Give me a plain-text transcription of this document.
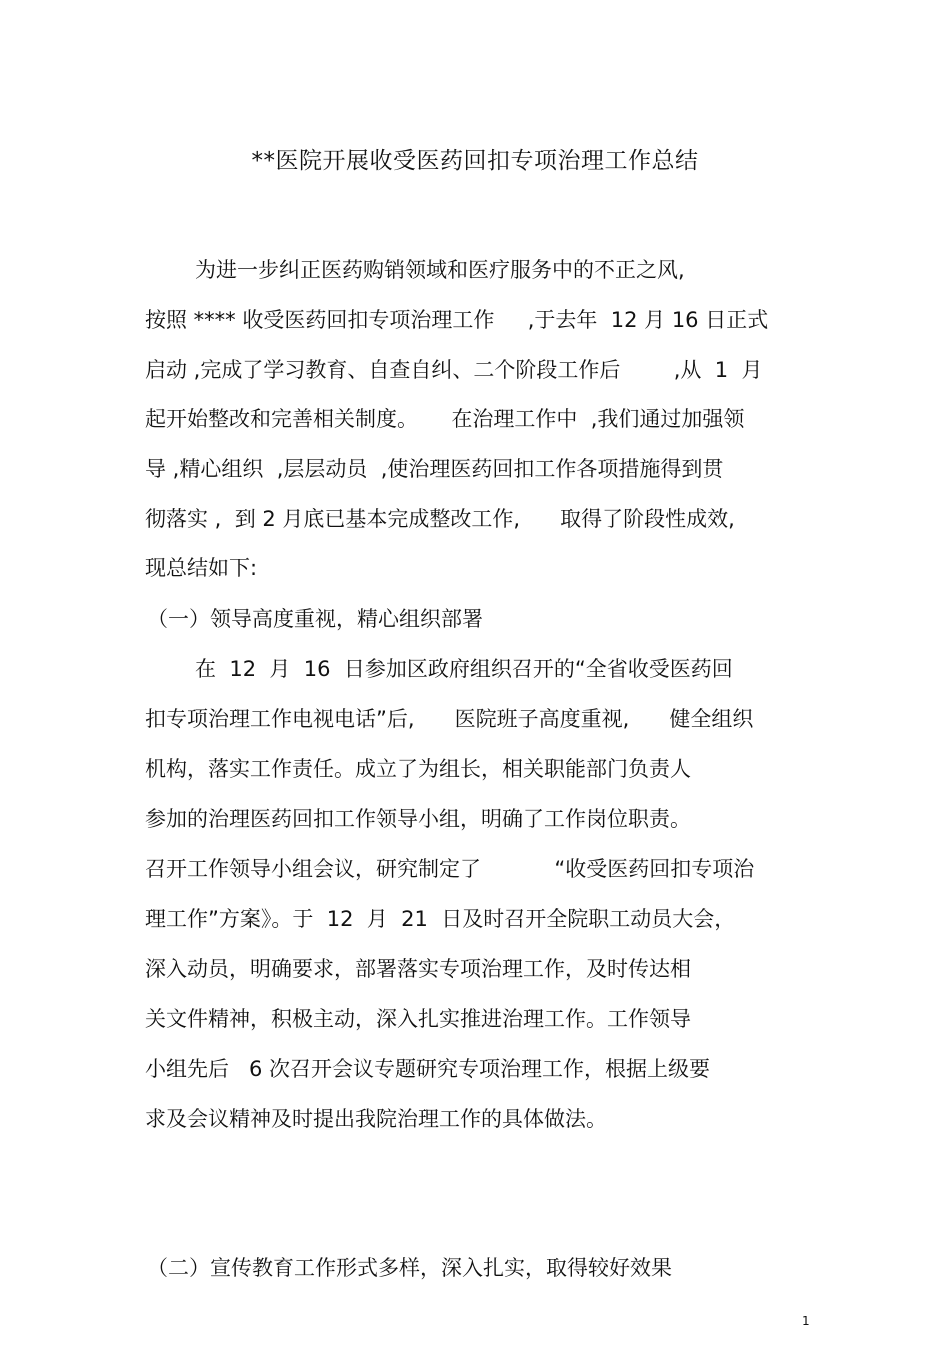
**医院开展收受医药回扣专项治理工作总结
为进一步纠正医药购销领域和医疗服务中的不正之风,
按照 **** 收受医药回扣专项治理工作     ,于去年  12 月 16 日正式
启动 ,完成了学习教育、自查自纠、二个阶段工作后        ,从  1  月
起开始整改和完善相关制度。     在治理工作中  ,我们通过加强领
导 ,精心组织  ,层层动员  ,使治理医药回扣工作各项措施得到贯
彻落实 ,  到 2 月底已基本完成整改工作,      取得了阶段性成效,
现总结如下:
（一）领导高度重视，精心组织部署
在  12  月  16  日参加区政府组织召开的“全省收受医药回
扣专项治理工作电视电话”后,      医院班子高度重视,      健全组织
机构，落实工作责任。成立了为组长，相关职能部门负责人
参加的治理医药回扣工作领导小组，明确了工作岗位职责。
召开工作领导小组会议，研究制定了           “收受医药回扣专项治
理工作”方案》。于  12  月  21  日及时召开全院职工动员大会，
深入动员，明确要求，部署落实专项治理工作，及时传达相
关文件精神，积极主动，深入扎实推进治理工作。工作领导
小组先后   6 次召开会议专题研究专项治理工作，根据上级要
求及会议精神及时提出我院治理工作的具体做法。
（二）宣传教育工作形式多样，深入扎实，取得较好效果
1
